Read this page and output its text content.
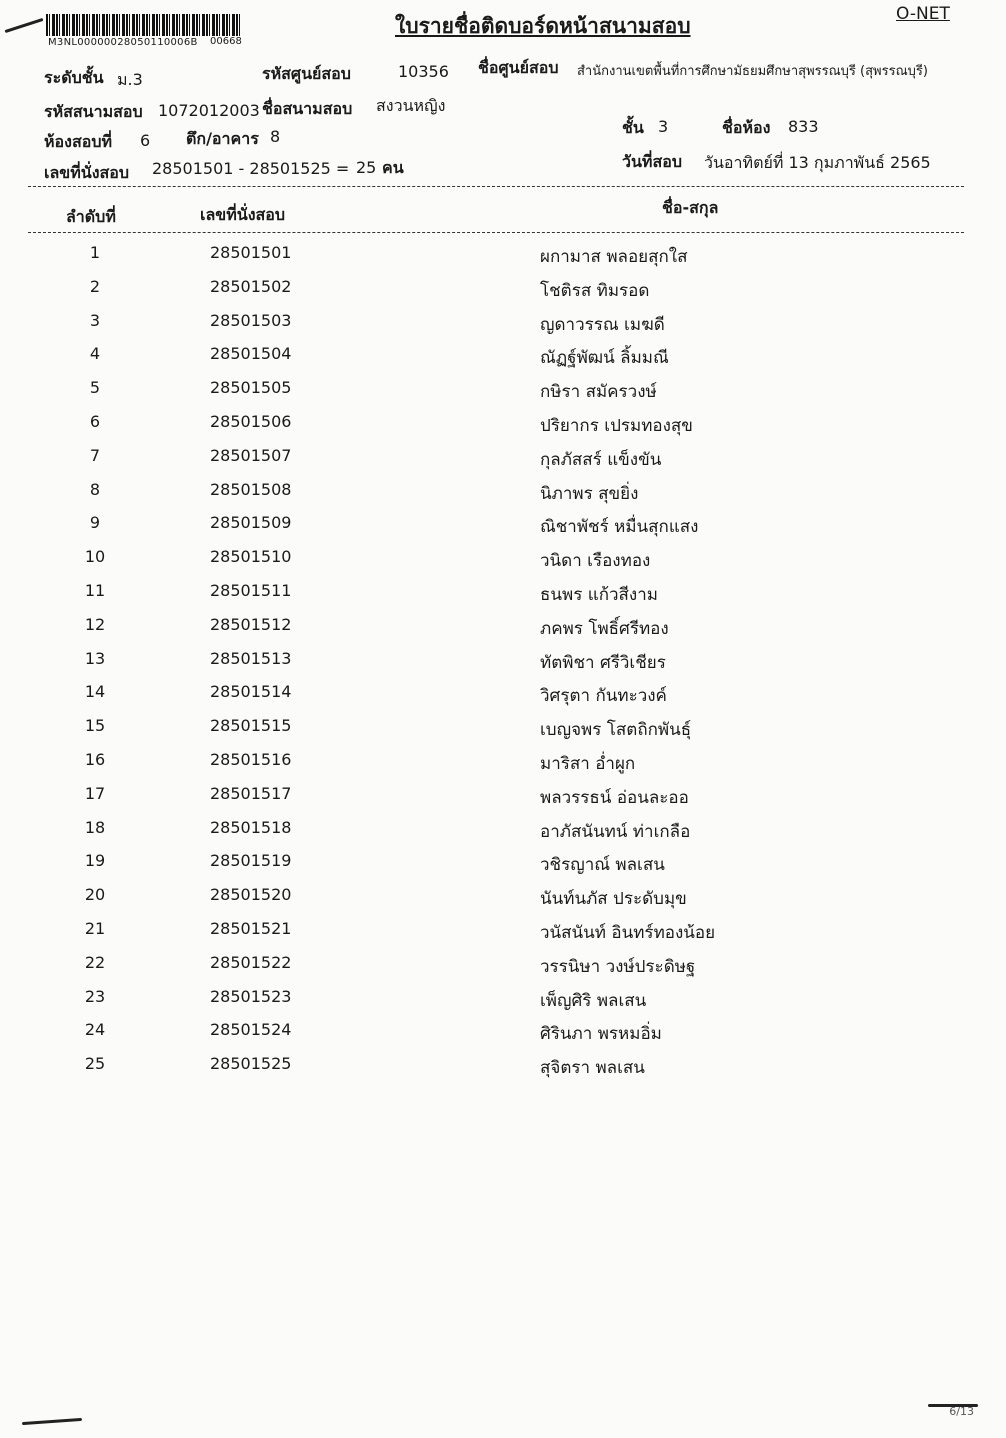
M3NL00000028050110006B 00668
ใบรายชื่อติดบอร์ดหน้าสนามสอบ	O-NET
ระดับชั้น ม.3	รหัสศูนย์สอบ	10356 ชื่อศูนย์สอบ สำนักงานเขตพื้นที่การศึกษามัธยมศึกษาสุพรรณบุรี (สุพรรณบุรี)
รหัสสนามสอบ 1072012003 ชื่อสนามสอบ สงวนหญิง
ห้องสอบที่ 6 ตึก/อาคาร 8	ชั้น 3	ชื่อห้อง 833
เลขที่นั่งสอบ 28501501 - 28501525 = 25 คน	วันที่สอบ วันอาทิตย์ที่ 13 กุมภาพันธ์ 2565
ลำดับที่	เลขที่นั่งสอบ	ชื่อ-สกุล
1	28501501	ผกามาส พลอยสุกใส
2	28501502	โชติรส ทิมรอด
3	28501503	ญดาวรรณ เมฆดี
4	28501504	ณัฏฐ์พัฒน์ ลิ้มมณี
5	28501505	กษิรา สมัครวงษ์
6	28501506	ปริยากร เปรมทองสุข
7	28501507	กุลภัสสร์ แข็งขัน
8	28501508	นิภาพร สุขยิ่ง
9	28501509	ณิชาพัชร์ หมื่นสุกแสง
10	28501510	วนิดา เรืองทอง
11	28501511	ธนพร แก้วสีงาม
12	28501512	ภคพร โพธิ์ศรีทอง
13	28501513	ทัตพิชา ศรีวิเชียร
14	28501514	วิศรุตา กันทะวงค์
15	28501515	เบญจพร โสตถิกพันธุ์
16	28501516	มาริสา อ่ำผูก
17	28501517	พลวรรธน์ อ่อนละออ
18	28501518	อาภัสนันทน์ ท่าเกลือ
19	28501519	วชิรญาณ์ พลเสน
20	28501520	นันท์นภัส ประดับมุข
21	28501521	วนัสนันท์ อินทร์ทองน้อย
22	28501522	วรรนิษา วงษ์ประดิษฐ
23	28501523	เพ็ญศิริ พลเสน
24	28501524	ศิรินภา พรหมอิ่ม
25	28501525	สุจิตรา พลเสน
6/13
